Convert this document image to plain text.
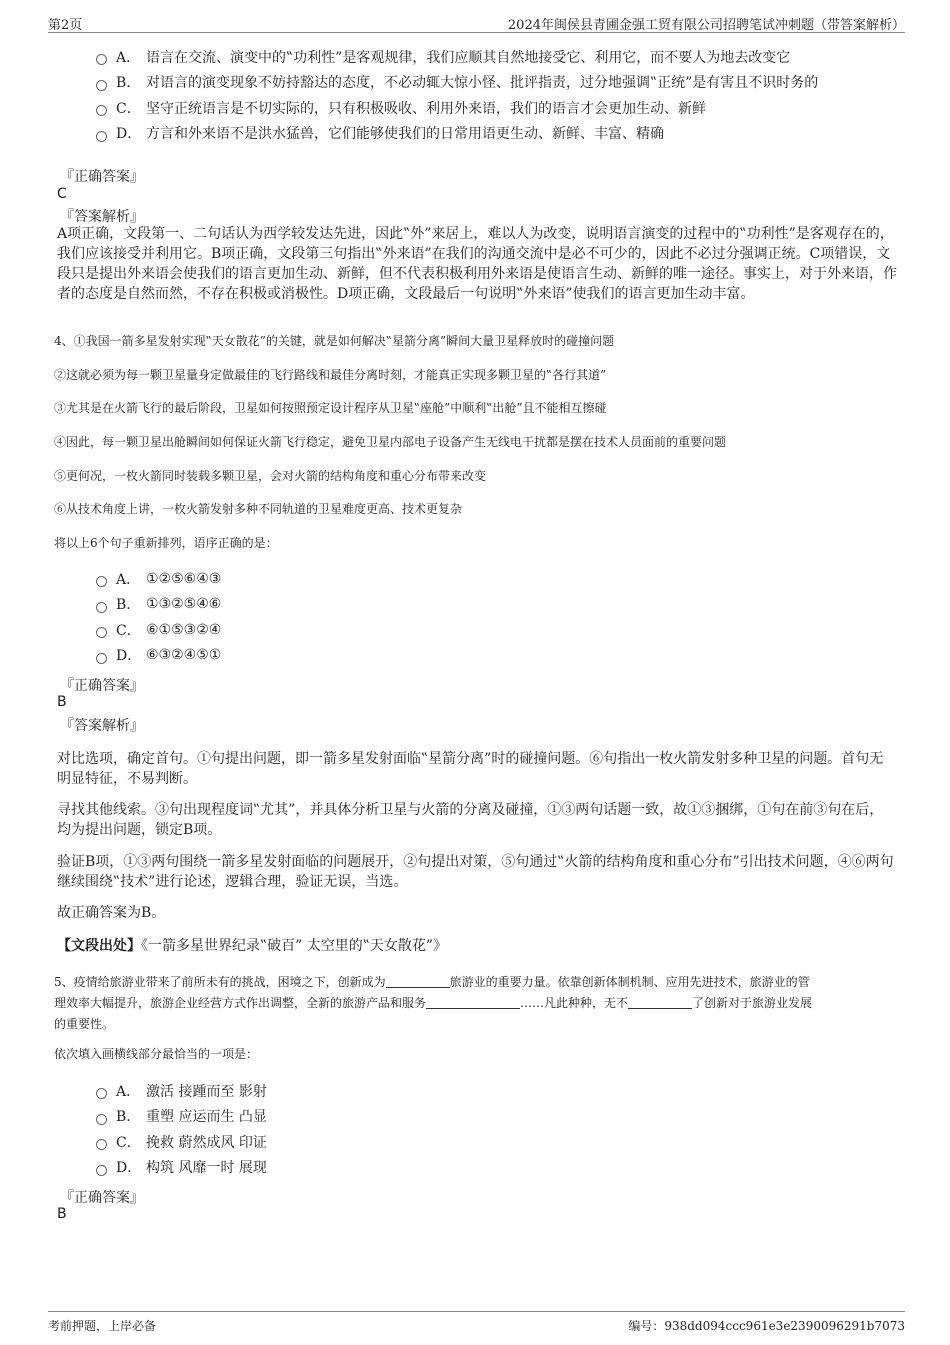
第2页	2024年闽侯县青圃金强工贸有限公司招聘笔试冲刺题（带答案解析）
A． 语言在交流、演变中的‟功利性”是客观规律，我们应顺其自然地接受它、利用它，而不要人为地去改变它
B． 对语言的演变现象不妨持豁达的态度，不必动辄大惊小怪、批评指责，过分地强调‟正统”是有害且不识时务的
C． 坚守正统语言是不切实际的，只有积极吸收、利用外来语，我们的语言才会更加生动、新鲜
D． 方言和外来语不是洪水猛兽，它们能够使我们的日常用语更生动、新鲜、丰富、精确
『正确答案』
C
『答案解析』
A项正确，文段第一、二句话认为西学较发达先进，因此‟外”来居上，难以人为改变，说明语言演变的过程中的‟功利性”是客观存在的，我们应该接受并利用它。B项正确，文段第三句指出‟外来语”在我们的沟通交流中是必不可少的，因此不必过分强调正统。C项错误，文段只是提出外来语会使我们的语言更加生动、新鲜，但不代表积极利用外来语是使语言生动、新鲜的唯一途径。事实上，对于外来语，作者的态度是自然而然，不存在积极或消极性。D项正确，文段最后一句说明‟外来语”使我们的语言更加生动丰富。
4、①我国一箭多星发射实现‟天女散花”的关键，就是如何解决‟星箭分离”瞬间大量卫星释放时的碰撞问题
②这就必须为每一颗卫星量身定做最佳的飞行路线和最佳分离时刻，才能真正实现多颗卫星的‟各行其道”
③尤其是在火箭飞行的最后阶段，卫星如何按照预定设计程序从卫星‟座舱”中顺利‟出舱”且不能相互擦碰
④因此，每一颗卫星出舱瞬间如何保证火箭飞行稳定，避免卫星内部电子设备产生无线电干扰都是摆在技术人员面前的重要问题
⑤更何况，一枚火箭同时装载多颗卫星，会对火箭的结构角度和重心分布带来改变
⑥从技术角度上讲，一枚火箭发射多种不同轨道的卫星难度更高、技术更复杂
将以上6个句子重新排列，语序正确的是：
A． ①②⑤⑥④③
B． ①③②⑤④⑥
C． ⑥①⑤③②④
D． ⑥③②④⑤①
『正确答案』
B
『答案解析』
对比选项，确定首句。①句提出问题，即一箭多星发射面临‟星箭分离”时的碰撞问题。⑥句指出一枚火箭发射多种卫星的问题。首句无明显特征，不易判断。
寻找其他线索。③句出现程度词‟尤其”，并具体分析卫星与火箭的分离及碰撞，①③两句话题一致，故①③捆绑，①句在前③句在后，均为提出问题，锁定B项。
验证B项，①③两句围绕一箭多星发射面临的问题展开，②句提出对策，⑤句通过‟火箭的结构角度和重心分布”引出技术问题，④⑥两句继续围绕‟技术”进行论述，逻辑合理，验证无误，当选。
故正确答案为B。
【文段出处】《一箭多星世界纪录‟破百” 太空里的‟天女散花”》
5、疫情给旅游业带来了前所未有的挑战，困境之下，创新成为	旅游业的重要力量。依靠创新体制机制、应用先进技术，旅游业的管
理效率大幅提升，旅游企业经营方式作出调整，全新的旅游产品和服务	……凡此种种，无不	了创新对于旅游业发展
的重要性。
依次填入画横线部分最恰当的一项是：
A． 激活 接踵而至 影射
B． 重塑 应运而生 凸显
C． 挽救 蔚然成风 印证
D． 构筑 风靡一时 展现
『正确答案』
B
考前押题，上岸必备	编号：938dd094ccc961e3e2390096291b7073
